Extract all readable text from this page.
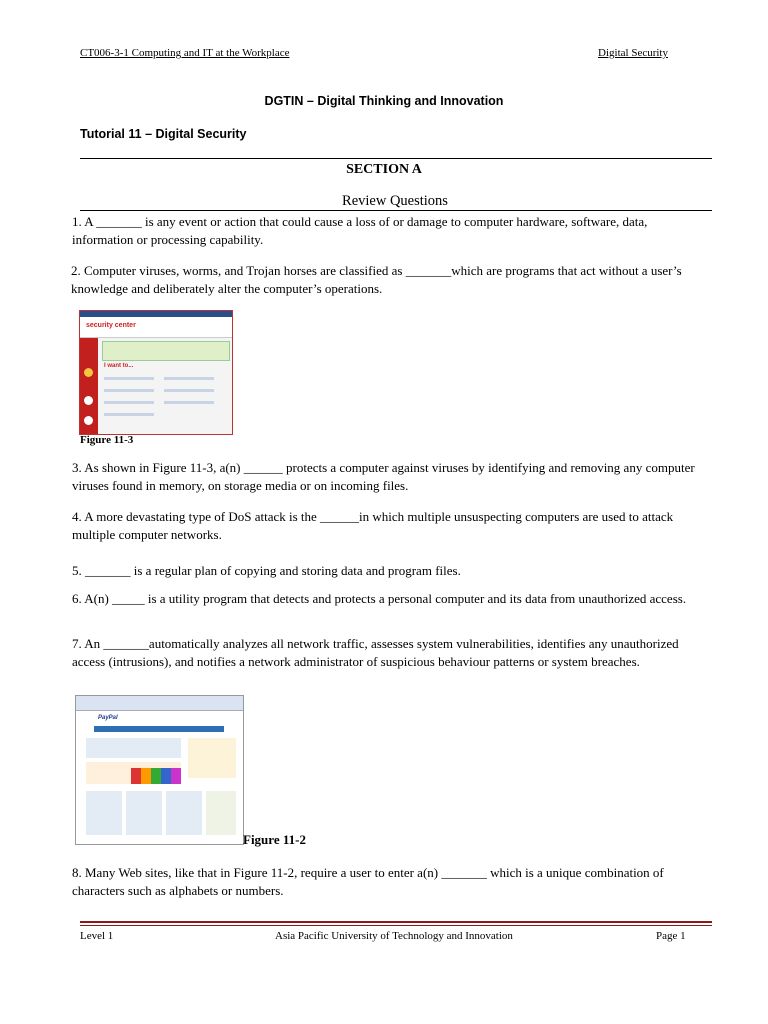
CT006-3-1 Computing and IT at the Workplace	Digital Security
DGTIN – Digital Thinking and Innovation
Tutorial 11 – Digital Security
SECTION A
Review Questions
1. A _______ is any event or action that could cause a loss of or damage to computer hardware, software, data, information or processing capability.
2. Computer viruses, worms, and Trojan horses are classified as _______which are programs that act without a user’s knowledge and deliberately alter the computer’s operations.
security center
I want to...
Figure 11-3
3. As shown in Figure 11-3, a(n) ______ protects a computer against viruses by identifying and removing any computer viruses found in memory, on storage media or on incoming files.
4. A more devastating type of DoS attack is the ______in which multiple unsuspecting computers are used to attack multiple computer networks.
5. _______ is a regular plan of copying and storing data and program files.
6. A(n) _____ is a utility program that detects and protects a personal computer and its data from unauthorized access.
7. An _______automatically analyzes all network traffic, assesses system vulnerabilities, identifies any unauthorized access (intrusions), and notifies a network administrator of suspicious behaviour patterns or system breaches.
PayPal
Figure 11-2
8. Many Web sites, like that in Figure 11-2, require a user to enter a(n) _______ which is a unique combination of characters such as alphabets or numbers.
Level 1	Asia Pacific University of Technology and Innovation	Page 1
